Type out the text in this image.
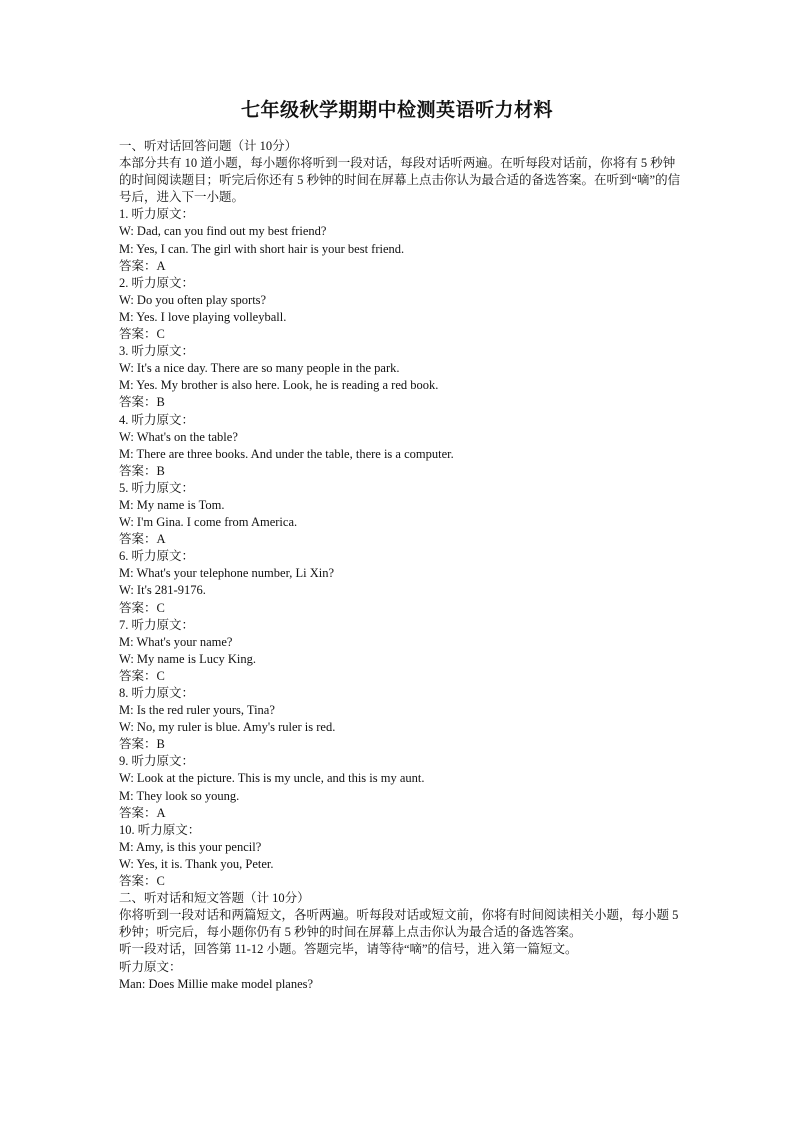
七年级秋学期期中检测英语听力材料
一、听对话回答问题（计 10分）
本部分共有 10 道小题，每小题你将听到一段对话，每段对话听两遍。在听每段对话前，你将有 5 秒钟的时间阅读题目；听完后你还有 5 秒钟的时间在屏幕上点击你认为最合适的备选答案。在听到“嘀”的信号后，进入下一小题。
1. 听力原文：
W: Dad, can you find out my best friend?
M: Yes, I can. The girl with short hair is your best friend.
答案：A
2. 听力原文：
W: Do you often play sports?
M: Yes. I love playing volleyball.
答案：C
3. 听力原文：
W: It's a nice day. There are so many people in the park.
M: Yes. My brother is also here. Look, he is reading a red book.
答案：B
4. 听力原文：
W: What's on the table?
M: There are three books. And under the table, there is a computer.
答案：B
5. 听力原文：
M: My name is Tom.
W: I'm Gina. I come from America.
答案：A
6. 听力原文：
M: What's your telephone number, Li Xin?
W: It's 281-9176.
答案：C
7. 听力原文：
M: What's your name?
W: My name is Lucy King.
答案：C
8. 听力原文：
M: Is the red ruler yours, Tina?
W: No, my ruler is blue. Amy's ruler is red.
答案：B
9. 听力原文：
W: Look at the picture. This is my uncle, and this is my aunt.
M: They look so young.
答案：A
10. 听力原文：
M: Amy, is this your pencil?
W: Yes, it is. Thank you, Peter.
答案：C
二、听对话和短文答题（计 10分）
你将听到一段对话和两篇短文，各听两遍。听每段对话或短文前，你将有时间阅读相关小题，每小题 5 秒钟；听完后，每小题你仍有 5 秒钟的时间在屏幕上点击你认为最合适的备选答案。
听一段对话，回答第 11-12 小题。答题完毕，请等待“嘀”的信号，进入第一篇短文。
听力原文：
Man: Does Millie make model planes?
